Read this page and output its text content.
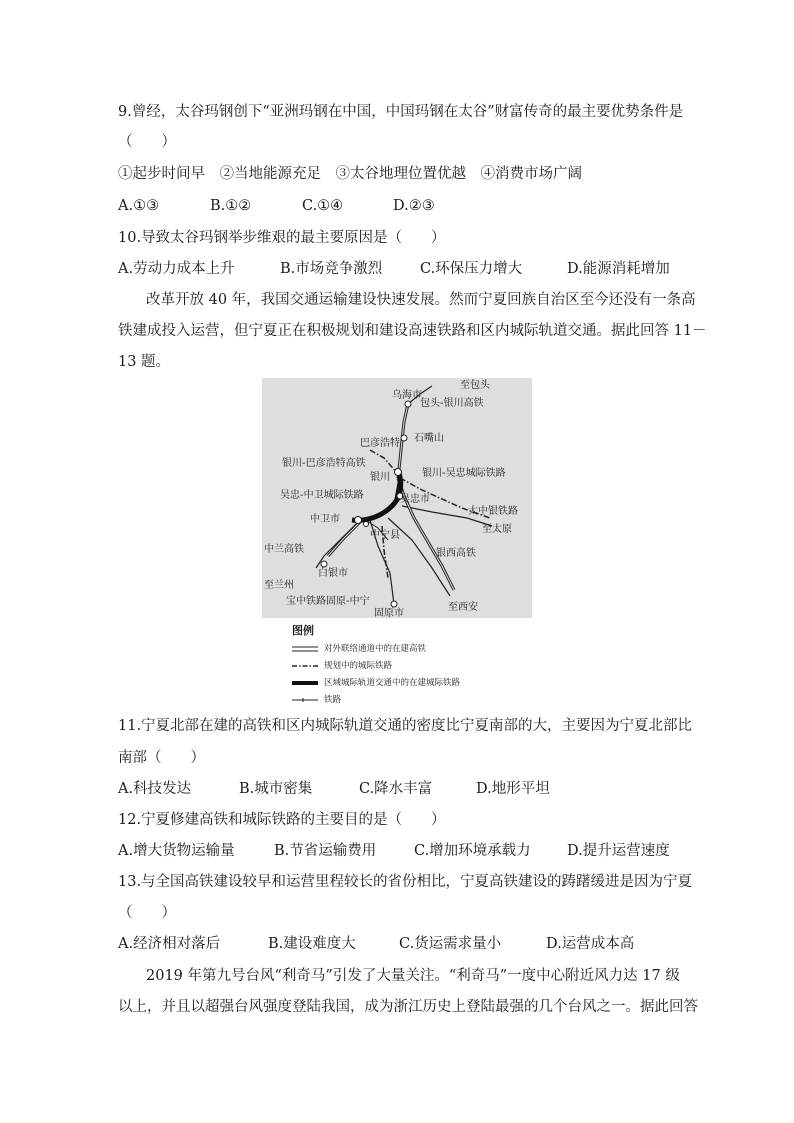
9.曾经，太谷玛钢创下“亚洲玛钢在中国，中国玛钢在太谷”财富传奇的最主要优势条件是
（　　）
①起步时间早　②当地能源充足　③太谷地理位置优越　④消费市场广阔
A.①③	B.①②	C.①④	D.②③
10.导致太谷玛钢举步维艰的最主要原因是（　　）
A.劳动力成本上升	B.市场竞争激烈	C.环保压力增大	D.能源消耗增加
改革开放 40 年，我国交通运输建设快速发展。然而宁夏回族自治区至今还没有一条高
铁建成投入运营，但宁夏正在积极规划和建设高速铁路和区内城际轨道交通。据此回答 11－
13 题。
至包头
乌海市
包头-银川高铁
巴彦浩特 石嘴山
银川-巴彦浩特高铁
银川	银川-吴忠城际铁路
吴忠-中卫城际铁路	吴忠市
太中银铁路
中卫市
至太原
中宁县
中兰高铁	银西高铁
白银市
至兰州
宝中铁路固原-中宁
至西安
固原市
图例
对外联络通道中的在建高铁
规划中的城际铁路
区域城际轨道交通中的在建城际铁路
铁路
11.宁夏北部在建的高铁和区内城际轨道交通的密度比宁夏南部的大，主要因为宁夏北部比
南部（　　）
A.科技发达	B.城市密集	C.降水丰富	D.地形平坦
12.宁夏修建高铁和城际铁路的主要目的是（　　）
A.增大货物运输量	B.节省运输费用	C.增加环境承载力	D.提升运营速度
13.与全国高铁建设较早和运营里程较长的省份相比，宁夏高铁建设的踌躇缓进是因为宁夏
（　　）
A.经济相对落后	B.建设难度大	C.货运需求量小	D.运营成本高
2019 年第九号台风“利奇马”引发了大量关注。“利奇马”一度中心附近风力达 17 级
以上，并且以超强台风强度登陆我国，成为浙江历史上登陆最强的几个台风之一。据此回答
